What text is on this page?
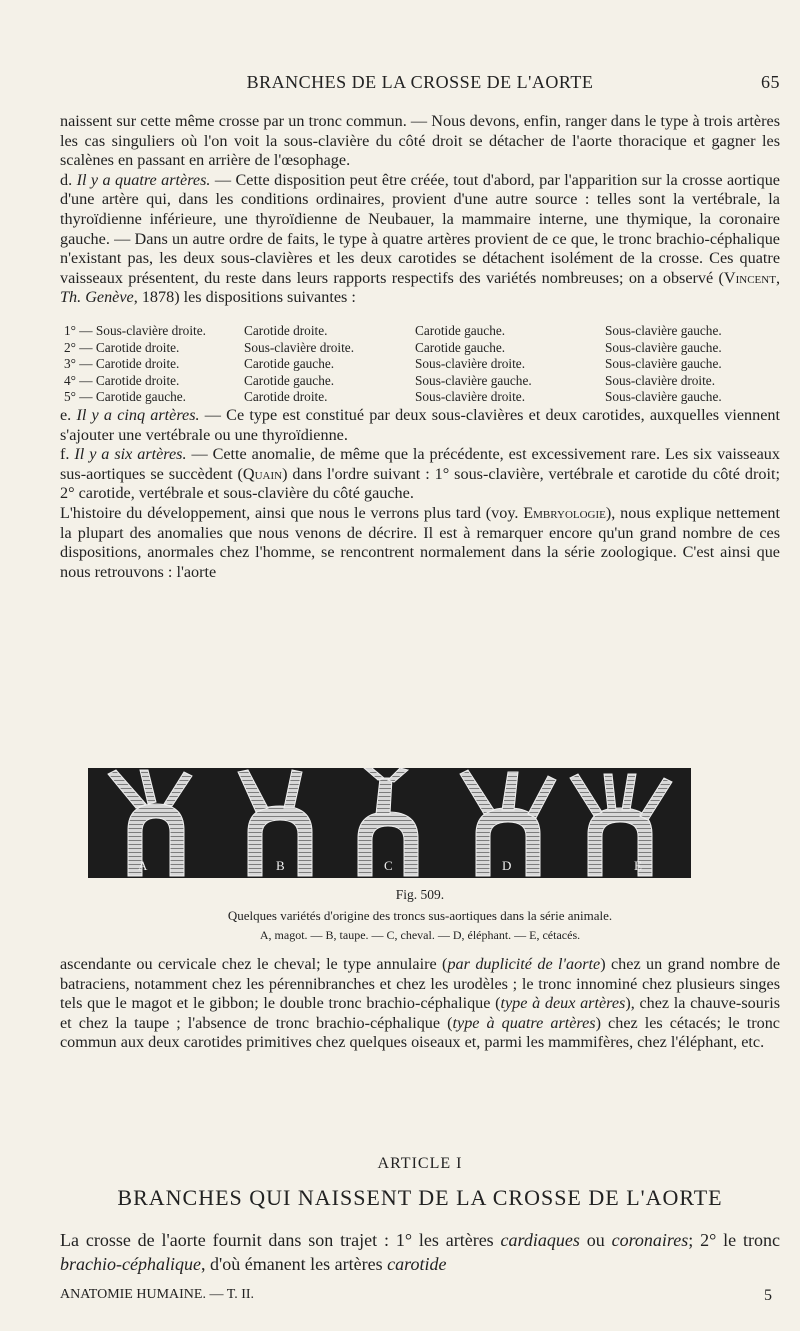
BRANCHES DE LA CROSSE DE L'AORTE	65

naissent sur cette même crosse par un tronc commun. — Nous devons, enfin, ranger dans le type à trois artères les cas singuliers où l'on voit la sous-clavière du côté droit se détacher de l'aorte thoracique et gagner les scalènes en passant en arrière de l'œsophage.

d. Il y a quatre artères. — Cette disposition peut être créée, tout d'abord, par l'apparition sur la crosse aortique d'une artère qui, dans les conditions ordinaires, provient d'une autre source : telles sont la vertébrale, la thyroïdienne inférieure, une thyroïdienne de Neubauer, la mammaire interne, une thymique, la coronaire gauche. — Dans un autre ordre de faits, le type à quatre artères provient de ce que, le tronc brachio-céphalique n'existant pas, les deux sous-clavières et les deux carotides se détachent isolément de la crosse. Ces quatre vaisseaux présentent, du reste dans leurs rapports respectifs des variétés nombreuses; on a observé (Vincent, Th. Genève, 1878) les dispositions suivantes :

1° — Sous-clavière droite.	Carotide droite.	Carotide gauche.	Sous-clavière gauche.
2° — Carotide droite.	Sous-clavière droite.	Carotide gauche.	Sous-clavière gauche.
3° — Carotide droite.	Carotide gauche.	Sous-clavière droite.	Sous-clavière gauche.
4° — Carotide droite.	Carotide gauche.	Sous-clavière gauche.	Sous-clavière droite.
5° — Carotide gauche.	Carotide droite.	Sous-clavière droite.	Sous-clavière gauche.

e. Il y a cinq artères. — Ce type est constitué par deux sous-clavières et deux carotides, auxquelles viennent s'ajouter une vertébrale ou une thyroïdienne.

f. Il y a six artères. — Cette anomalie, de même que la précédente, est excessivement rare. Les six vaisseaux sus-aortiques se succèdent (Quain) dans l'ordre suivant : 1° sous-clavière, vertébrale et carotide du côté droit; 2° carotide, vertébrale et sous-clavière du côté gauche.

L'histoire du développement, ainsi que nous le verrons plus tard (voy. Embryologie), nous explique nettement la plupart des anomalies que nous venons de décrire. Il est à remarquer encore qu'un grand nombre de ces dispositions, anormales chez l'homme, se rencontrent normalement dans la série zoologique. C'est ainsi que nous retrouvons : l'aorte

A	B	C	D	E
Fig. 509.
Quelques variétés d'origine des troncs sus-aortiques dans la série animale.
A, magot. — B, taupe. — C, cheval. — D, éléphant. — E, cétacés.

ascendante ou cervicale chez le cheval; le type annulaire (par duplicité de l'aorte) chez un grand nombre de batraciens, notamment chez les pérennibranches et chez les urodèles ; le tronc innominé chez plusieurs singes tels que le magot et le gibbon; le double tronc brachio-céphalique (type à deux artères), chez la chauve-souris et chez la taupe ; l'absence de tronc brachio-céphalique (type à quatre artères) chez les cétacés; le tronc commun aux deux carotides primitives chez quelques oiseaux et, parmi les mammifères, chez l'éléphant, etc.

ARTICLE I
BRANCHES QUI NAISSENT DE LA CROSSE DE L'AORTE

La crosse de l'aorte fournit dans son trajet : 1° les artères cardiaques ou coronaires; 2° le tronc brachio-céphalique, d'où émanent les artères carotide

ANATOMIE HUMAINE. — T. II.	5
